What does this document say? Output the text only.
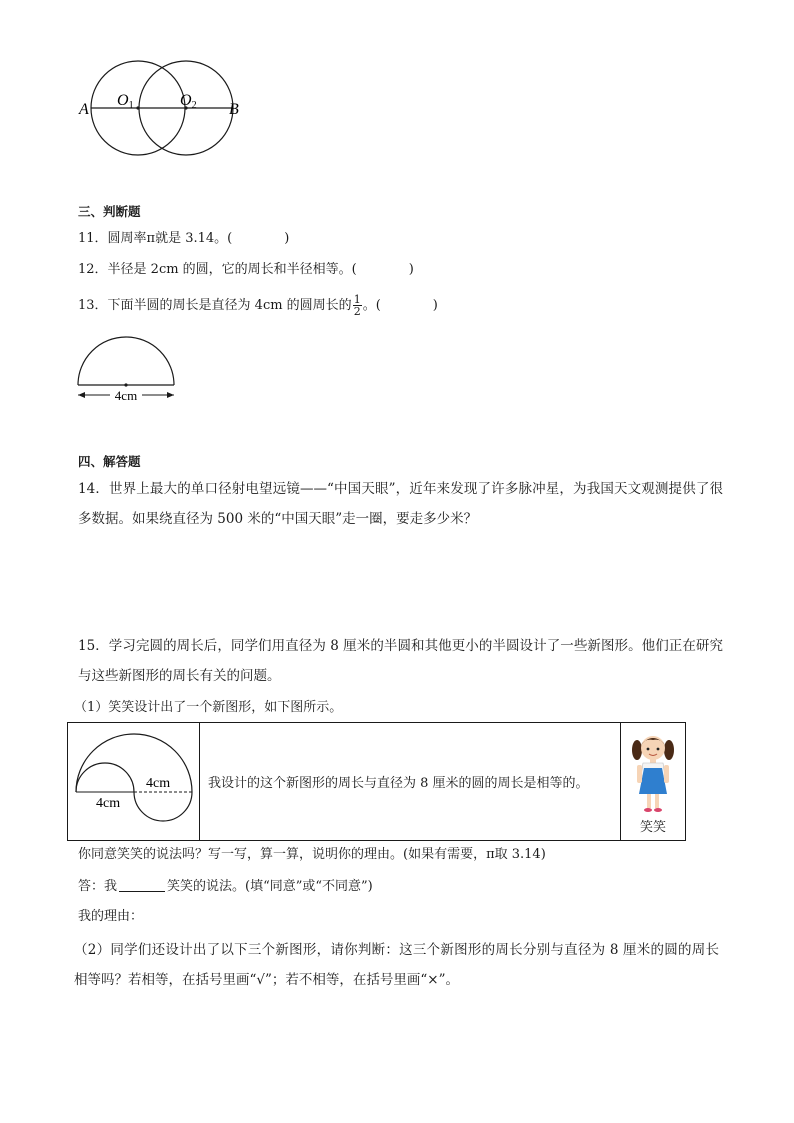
A
O1	O2 B
三、判断题
11．圆周率π就是 3.14。(　　　　)
12．半径是 2cm 的圆，它的周长和半径相等。(　　　　)
13．下面半圆的周长是直径为 4cm 的圆周长的 $\frac{1}{2}$ 。(　　　　)
4cm
四、解答题
14．世界上最大的单口径射电望远镜——“中国天眼”，近年来发现了许多脉冲星，为我国天文观测提供了很多数据。如果绕直径为 500 米的“中国天眼”走一圈，要走多少米？
15．学习完圆的周长后，同学们用直径为 8 厘米的半圆和其他更小的半圆设计了一些新图形。他们正在研究与这些新图形的周长有关的问题。
（1）笑笑设计出了一个新图形，如下图所示。
4cm
4cm

我设计的这个新图形的周长与直径为 8 厘米的圆的周长是相等的。

笑笑
你同意笑笑的说法吗？写一写，算一算，说明你的理由。(如果有需要，π取 3.14)
答：我	笑笑的说法。(填“同意”或“不同意”)
我的理由：
（2）同学们还设计出了以下三个新图形，请你判断：这三个新图形的周长分别与直径为 8 厘米的圆的周长相等吗？若相等，在括号里画“√”；若不相等，在括号里画“×”。
